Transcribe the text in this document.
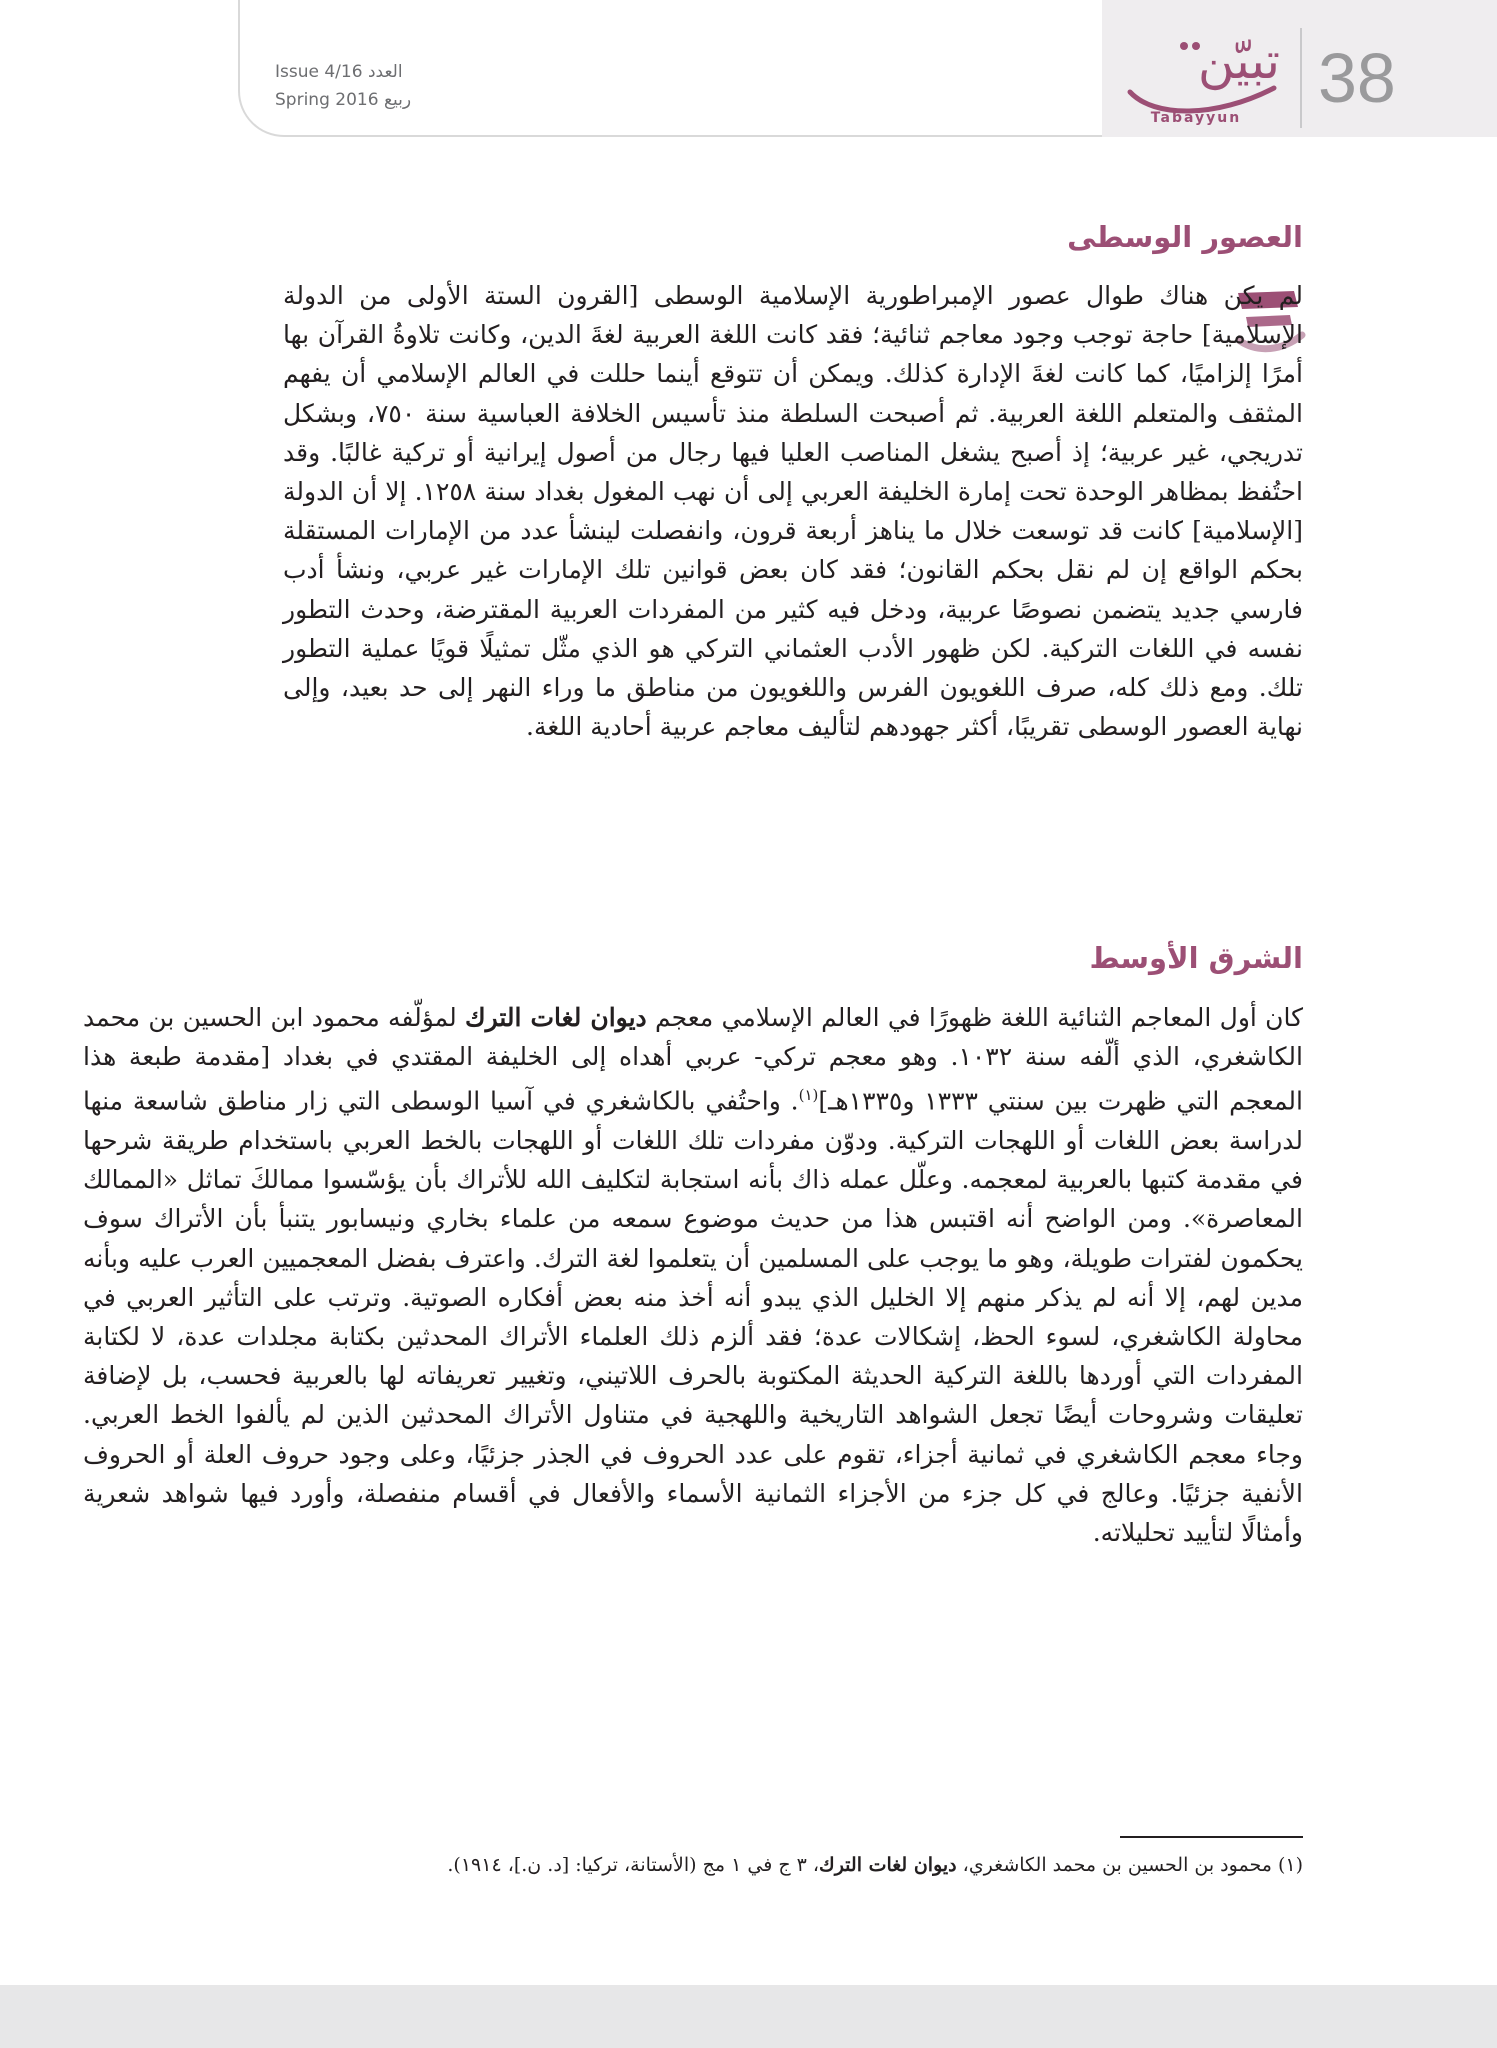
Issue 4/16 العدد
Spring 2016 ربيع
تبيّن
Tabayyun
38
العصور الوسطى

لم يكن هناك طوال عصور الإمبراطورية الإسلامية الوسطى [القرون الستة الأولى من الدولة الإسلامية] حاجة توجب وجود معاجم ثنائية؛ فقد كانت اللغة العربية لغةَ الدين، وكانت تلاوةُ القرآن بها أمرًا إلزاميًا، كما كانت لغةَ الإدارة كذلك. ويمكن أن تتوقع أينما حللت في العالم الإسلامي أن يفهم المثقف والمتعلم اللغة العربية. ثم أصبحت السلطة منذ تأسيس الخلافة العباسية سنة ٧٥٠، وبشكل تدريجي، غير عربية؛ إذ أصبح يشغل المناصب العليا فيها رجال من أصول إيرانية أو تركية غالبًا. وقد احتُفظ بمظاهر الوحدة تحت إمارة الخليفة العربي إلى أن نهب المغول بغداد سنة ١٢٥٨. إلا أن الدولة [الإسلامية] كانت قد توسعت خلال ما يناهز أربعة قرون، وانفصلت لينشأ عدد من الإمارات المستقلة بحكم الواقع إن لم نقل بحكم القانون؛ فقد كان بعض قوانين تلك الإمارات غير عربي، ونشأ أدب فارسي جديد يتضمن نصوصًا عربية، ودخل فيه كثير من المفردات العربية المقترضة، وحدث التطور نفسه في اللغات التركية. لكن ظهور الأدب العثماني التركي هو الذي مثّل تمثيلًا قويًا عملية التطور تلك. ومع ذلك كله، صرف اللغويون الفرس واللغويون من مناطق ما وراء النهر إلى حد بعيد، وإلى نهاية العصور الوسطى تقريبًا، أكثر جهودهم لتأليف معاجم عربية أحادية اللغة.

الشرق الأوسط

كان أول المعاجم الثنائية اللغة ظهورًا في العالم الإسلامي معجم ديوان لغات الترك لمؤلّفه محمود ابن الحسين بن محمد الكاشغري، الذي ألّفه سنة ١٠٣٢. وهو معجم تركي- عربي أهداه إلى الخليفة المقتدي في بغداد [مقدمة طبعة هذا المعجم التي ظهرت بين سنتي ١٣٣٣ و١٣٣٥هـ]$^{(١)}$. واحتُفي بالكاشغري في آسيا الوسطى التي زار مناطق شاسعة منها لدراسة بعض اللغات أو اللهجات التركية. ودوّن مفردات تلك اللغات أو اللهجات بالخط العربي باستخدام طريقة شرحها في مقدمة كتبها بالعربية لمعجمه. وعلّل عمله ذاك بأنه استجابة لتكليف الله للأتراك بأن يؤسّسوا ممالكَ تماثل «الممالك المعاصرة». ومن الواضح أنه اقتبس هذا من حديث موضوع سمعه من علماء بخاري ونيسابور يتنبأ بأن الأتراك سوف يحكمون لفترات طويلة، وهو ما يوجب على المسلمين أن يتعلموا لغة الترك. واعترف بفضل المعجميين العرب عليه وبأنه مدين لهم، إلا أنه لم يذكر منهم إلا الخليل الذي يبدو أنه أخذ منه بعض أفكاره الصوتية. وترتب على التأثير العربي في محاولة الكاشغري، لسوء الحظ، إشكالات عدة؛ فقد ألزم ذلك العلماء الأتراك المحدثين بكتابة مجلدات عدة، لا لكتابة المفردات التي أوردها باللغة التركية الحديثة المكتوبة بالحرف اللاتيني، وتغيير تعريفاته لها بالعربية فحسب، بل لإضافة تعليقات وشروحات أيضًا تجعل الشواهد التاريخية واللهجية في متناول الأتراك المحدثين الذين لم يألفوا الخط العربي. وجاء معجم الكاشغري في ثمانية أجزاء، تقوم على عدد الحروف في الجذر جزئيًا، وعلى وجود حروف العلة أو الحروف الأنفية جزئيًا. وعالج في كل جزء من الأجزاء الثمانية الأسماء والأفعال في أقسام منفصلة، وأورد فيها شواهد شعرية وأمثالًا لتأييد تحليلاته.

(١) محمود بن الحسين بن محمد الكاشغري، ديوان لغات الترك، ٣ ج في ١ مج (الأستانة، تركيا: [د. ن.]، ١٩١٤).
